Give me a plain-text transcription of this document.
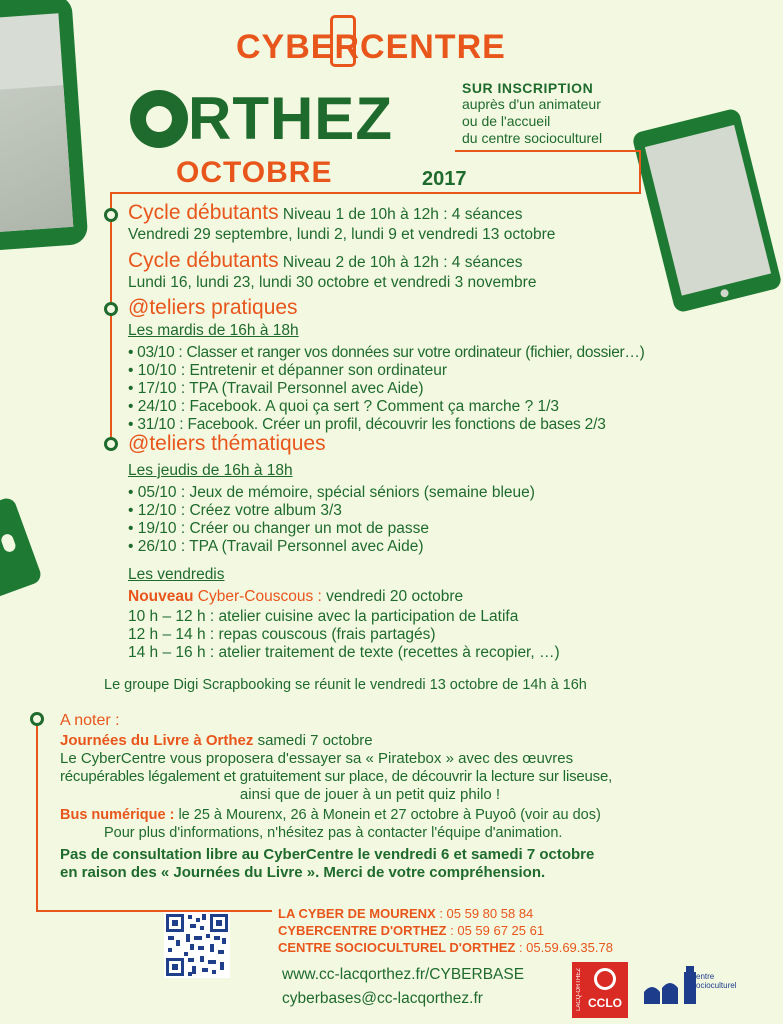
CYBERCENTRE
RTHEZ
OCTOBRE	2017
SUR INSCRIPTION
auprès d'un animateur
ou de l'accueil
du centre socioculturel
Cycle débutants Niveau 1 de 10h à 12h : 4 séances
Vendredi 29 septembre, lundi 2, lundi 9 et vendredi 13 octobre
Cycle débutants Niveau 2 de 10h à 12h : 4 séances
Lundi 16, lundi 23, lundi 30 octobre et vendredi 3 novembre
@teliers pratiques
Les mardis de 16h à 18h
• 03/10 : Classer et ranger vos données sur votre ordinateur (fichier, dossier…)
• 10/10 : Entretenir et dépanner son ordinateur
• 17/10 : TPA (Travail Personnel avec Aide)
• 24/10 : Facebook. A quoi ça sert ? Comment ça marche ? 1/3
• 31/10 : Facebook. Créer un profil, découvrir les fonctions de bases 2/3
@teliers thématiques
Les jeudis de 16h à 18h
• 05/10 : Jeux de mémoire, spécial séniors (semaine bleue)
• 12/10 : Créez votre album 3/3
• 19/10 : Créer ou changer un mot de passe
• 26/10 : TPA (Travail Personnel avec Aide)
Les vendredis
Nouveau Cyber-Couscous : vendredi 20 octobre
10 h – 12 h : atelier cuisine avec la participation de Latifa
12 h – 14 h : repas couscous (frais partagés)
14 h – 16 h : atelier traitement de texte (recettes à recopier, …)
Le groupe Digi Scrapbooking se réunit le vendredi 13 octobre de 14h à 16h
A noter :
Journées du Livre à Orthez samedi 7 octobre
Le CyberCentre vous proposera d'essayer sa « Piratebox » avec des œuvres
récupérables légalement et gratuitement sur place, de découvrir la lecture sur liseuse,
ainsi que de jouer à un petit quiz philo !
Bus numérique : le 25 à Mourenx, 26 à Monein et 27 octobre à Puyoô (voir au dos)
Pour plus d'informations, n'hésitez pas à contacter l'équipe d'animation.
Pas de consultation libre au CyberCentre le vendredi 6 et samedi 7 octobre
en raison des « Journées du Livre ». Merci de votre compréhension.
LA CYBER DE MOURENX : 05 59 80 58 84
CYBERCENTRE D'ORTHEZ : 05 59 67 25 61
CENTRE SOCIOCULTUREL D'ORTHEZ : 05.59.69.35.78
www.cc-lacqorthez.fr/CYBERBASE
cyberbases@cc-lacqorthez.fr	LACQ-ORTHEZ CCLO
centre socioculturel
